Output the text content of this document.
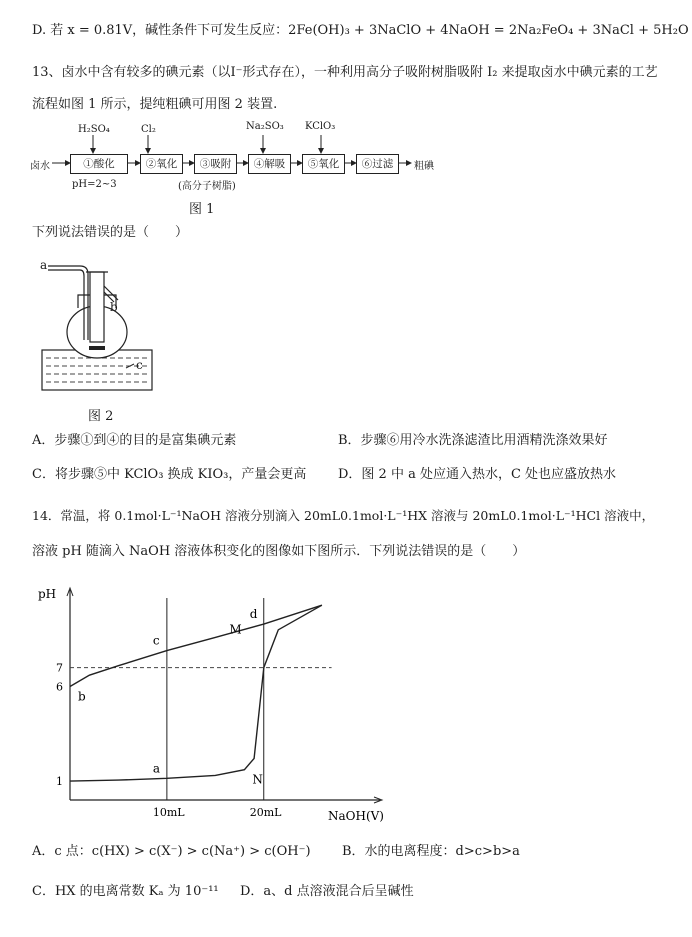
D. 若 x = 0.81V，碱性条件下可发生反应：2Fe(OH)₃ + 3NaClO + 4NaOH = 2Na₂FeO₄ + 3NaCl + 5H₂O
13、卤水中含有较多的碘元素（以I⁻形式存在），一种利用高分子吸附树脂吸附 I₂ 来提取卤水中碘元素的工艺
流程如图 1 所示，提纯粗碘可用图 2 装置.
卤水	①酸化	②氧化	③吸附	④解吸	⑤氧化	⑥过滤	粗碘
H₂SO₄	Cl₂	Na₂SO₃ KClO₃
pH=2~3	(高分子树脂)
图 1
下列说法错误的是（　　）
a
b
c
图 2
A．步骤①到④的目的是富集碘元素	B．步骤⑥用冷水洗涤滤渣比用酒精洗涤效果好
C．将步骤⑤中 KClO₃ 换成 KIO₃，产量会更高 D．图 2 中 a 处应通入热水，C 处也应盛放热水
14．常温，将 0.1mol·L⁻¹NaOH 溶液分别滴入 20mL0.1mol·L⁻¹HX 溶液与 20mL0.1mol·L⁻¹HCl 溶液中，
溶液 pH 随滴入 NaOH 溶液体积变化的图像如下图所示．下列说法错误的是（　　）
pH
NaOH(V)
10mL	20mL
1
6
7
b
c
M
d
a
N
A．c 点：c(HX) > c(X⁻) > c(Na⁺) > c(OH⁻) B．水的电离程度：d>c>b>a
C．HX 的电离常数 Kₐ 为 10⁻¹¹ D．a、d 点溶液混合后呈碱性
